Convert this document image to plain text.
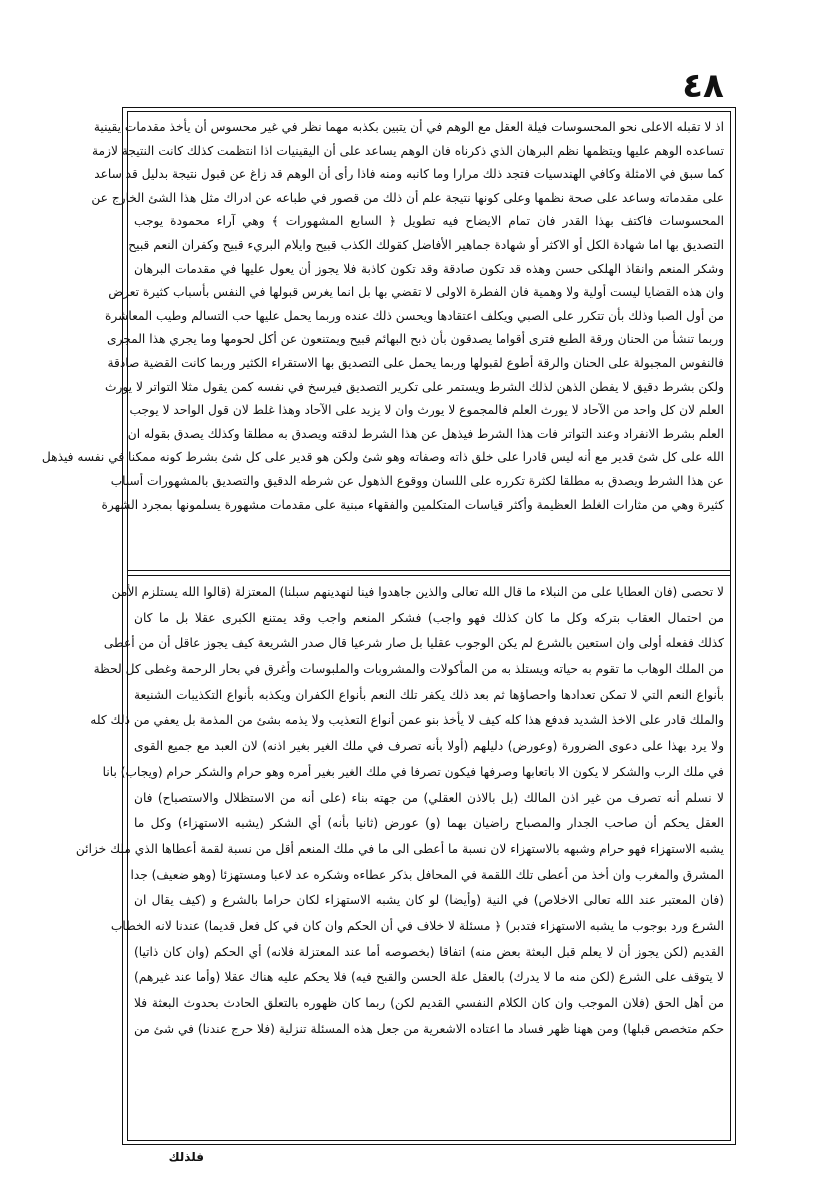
٤٨
اذ لا تقبله الاعلى نحو المحسوسات فيلة العقل مع الوهم في أن يتبين بكذبه مهما نظر في غير محسوس أن يأخذ مقدمات يقينية
تساعده الوهم عليها ويتظمها نظم البرهان الذي ذكرناه فان الوهم يساعد على أن اليقينيات اذا انتظمت كذلك كانت النتيجة لازمة
كما سبق في الامثلة وكافي الهندسيات فتجد ذلك مرارا وما كانبه ومنه فاذا رأى أن الوهم قد زاغ عن قبول نتيجة بدليل قد ساعد
على مقدماته وساعد على صحة نظمها وعلى كونها نتيجة علم أن ذلك من قصور في طباعه عن ادراك مثل هذا الشئ الخارج عن
المحسوسات فاكتف بهذا القدر فان تمام الايضاح فيه تطويل ﴿ السابع المشهورات ﴾ وهي آراء محمودة يوجب
التصديق بها اما شهادة الكل أو الاكثر أو شهادة جماهير الأفاضل كقولك الكذب قبيح وايلام البريء قبيح وكفران النعم قبيح
وشكر المنعم وانقاذ الهلكى حسن وهذه قد تكون صادقة وقد تكون كاذبة فلا يجوز أن يعول عليها في مقدمات البرهان
وان هذه القضايا ليست أولية ولا وهمية فان الفطرة الاولى لا تقضي بها بل انما يغرس قبولها في النفس بأسباب كثيرة تعرض
من أول الصبا وذلك بأن تتكرر على الصبي ويكلف اعتقادها ويحسن ذلك عنده وربما يحمل عليها حب التسالم وطيب المعاشرة
وربما تنشأ من الحنان ورقة الطبع فترى أقواما يصدقون بأن ذبح البهائم قبيح ويمتنعون عن أكل لحومها وما يجري هذا المجرى
فالنفوس المجبولة على الحنان والرقة أطوع لقبولها وربما يحمل على التصديق بها الاستقراء الكثير وربما كانت القضية صادقة
ولكن بشرط دقيق لا يفطن الذهن لذلك الشرط ويستمر على تكرير التصديق فيرسخ في نفسه كمن يقول مثلا التواتر لا يورث
العلم لان كل واحد من الآحاد لا يورث العلم فالمجموع لا يورث وان لا يزيد على الآحاد وهذا غلط لان قول الواحد لا يوجب
العلم بشرط الانفراد وعند التواتر فات هذا الشرط فيذهل عن هذا الشرط لدقته ويصدق به مطلقا وكذلك يصدق بقوله ان
الله على كل شئ قدير مع أنه ليس قادرا على خلق ذاته وصفاته وهو شئ ولكن هو قدير على كل شئ بشرط كونه ممكنا في نفسه فيذهل
عن هذا الشرط ويصدق به مطلقا لكثرة تكرره على اللسان ووقوع الذهول عن شرطه الدقيق والتصديق بالمشهورات أسباب
كثيرة وهي من مثارات الغلط العظيمة وأكثر قياسات المتكلمين والفقهاء مبنية على مقدمات مشهورة يسلمونها بمجرد الشهرة
لا تحصى (فان العطايا على من النبلاء ما قال الله تعالى والذين جاهدوا فينا لنهدينهم سبلنا) المعتزلة (قالوا الله يستلزم الأمن
من احتمال العقاب بتركه وكل ما كان كذلك فهو واجب) فشكر المنعم واجب وقد يمتنع الكبرى عقلا بل ما كان
كذلك ففعله أولى وان استعين بالشرع لم يكن الوجوب عقليا بل صار شرعيا قال صدر الشريعة كيف يجوز عاقل أن من أعطى
من الملك الوهاب ما تقوم به حياته ويستلذ به من المأكولات والمشروبات والملبوسات وأغرق في بحار الرحمة وغطى كل لحظة
بأنواع النعم التي لا تمكن تعدادها واحصاؤها ثم بعد ذلك يكفر تلك النعم بأنواع الكفران ويكذبه بأنواع التكذيبات الشنيعة
والملك قادر على الاخذ الشديد فدفع هذا كله كيف لا يأخذ بنو عمن أنواع التعذيب ولا يذمه بشئ من المذمة بل يعفي من ذلك كله
ولا يرد بهذا على دعوى الضرورة (وعورض) دليلهم (أولا بأنه تصرف في ملك الغير بغير اذنه) لان العبد مع جميع القوى
في ملك الرب والشكر لا يكون الا باتعابها وصرفها فيكون تصرفا في ملك الغير بغير أمره وهو حرام والشكر حرام (ويجاب) بانا
لا نسلم أنه تصرف من غير اذن المالك (بل بالاذن العقلي) من جهته بناء (على أنه من الاستظلال والاستصباح) فان
العقل يحكم أن صاحب الجدار والمصباح راضيان بهما (و) عورض (ثانيا بأنه) أي الشكر (يشبه الاستهزاء) وكل ما
يشبه الاستهزاء فهو حرام وشبهه بالاستهزاء لان نسبة ما أعطى الى ما في ملك المنعم أقل من نسبة لقمة أعطاها الذي ملك خزائن
المشرق والمغرب وان أخذ من أعطى تلك اللقمة في المحافل بذكر عطاءه وشكره عد لاعبا ومستهزئا (وهو ضعيف) جدا
(فان المعتبر عند الله تعالى الاخلاص) في النية (وأيضا) لو كان يشبه الاستهزاء لكان حراما بالشرع و (كيف يقال ان
الشرع ورد بوجوب ما يشبه الاستهزاء فتدبر) ﴿ مسئلة لا خلاف في أن الحكم وان كان في كل فعل قديما) عندنا لانه الخطاب
القديم (لكن يجوز أن لا يعلم قبل البعثة بعض منه) اتفاقا (بخصوصه أما عند المعتزلة فلانه) أي الحكم (وان كان ذاتيا)
لا يتوقف على الشرع (لكن منه ما لا يدرك) بالعقل علة الحسن والقبح فيه) فلا يحكم عليه هناك عقلا (وأما عند غيرهم)
من أهل الحق (فلان الموجب وان كان الكلام النفسي القديم لكن) ربما كان ظهوره بالتعلق الحادث بحدوث البعثة فلا
حكم متخصص قبلها) ومن ههنا ظهر فساد ما اعتاده الاشعرية من جعل هذه المسئلة تنزلية (فلا حرج عندنا) في شئ من
فلذلك
